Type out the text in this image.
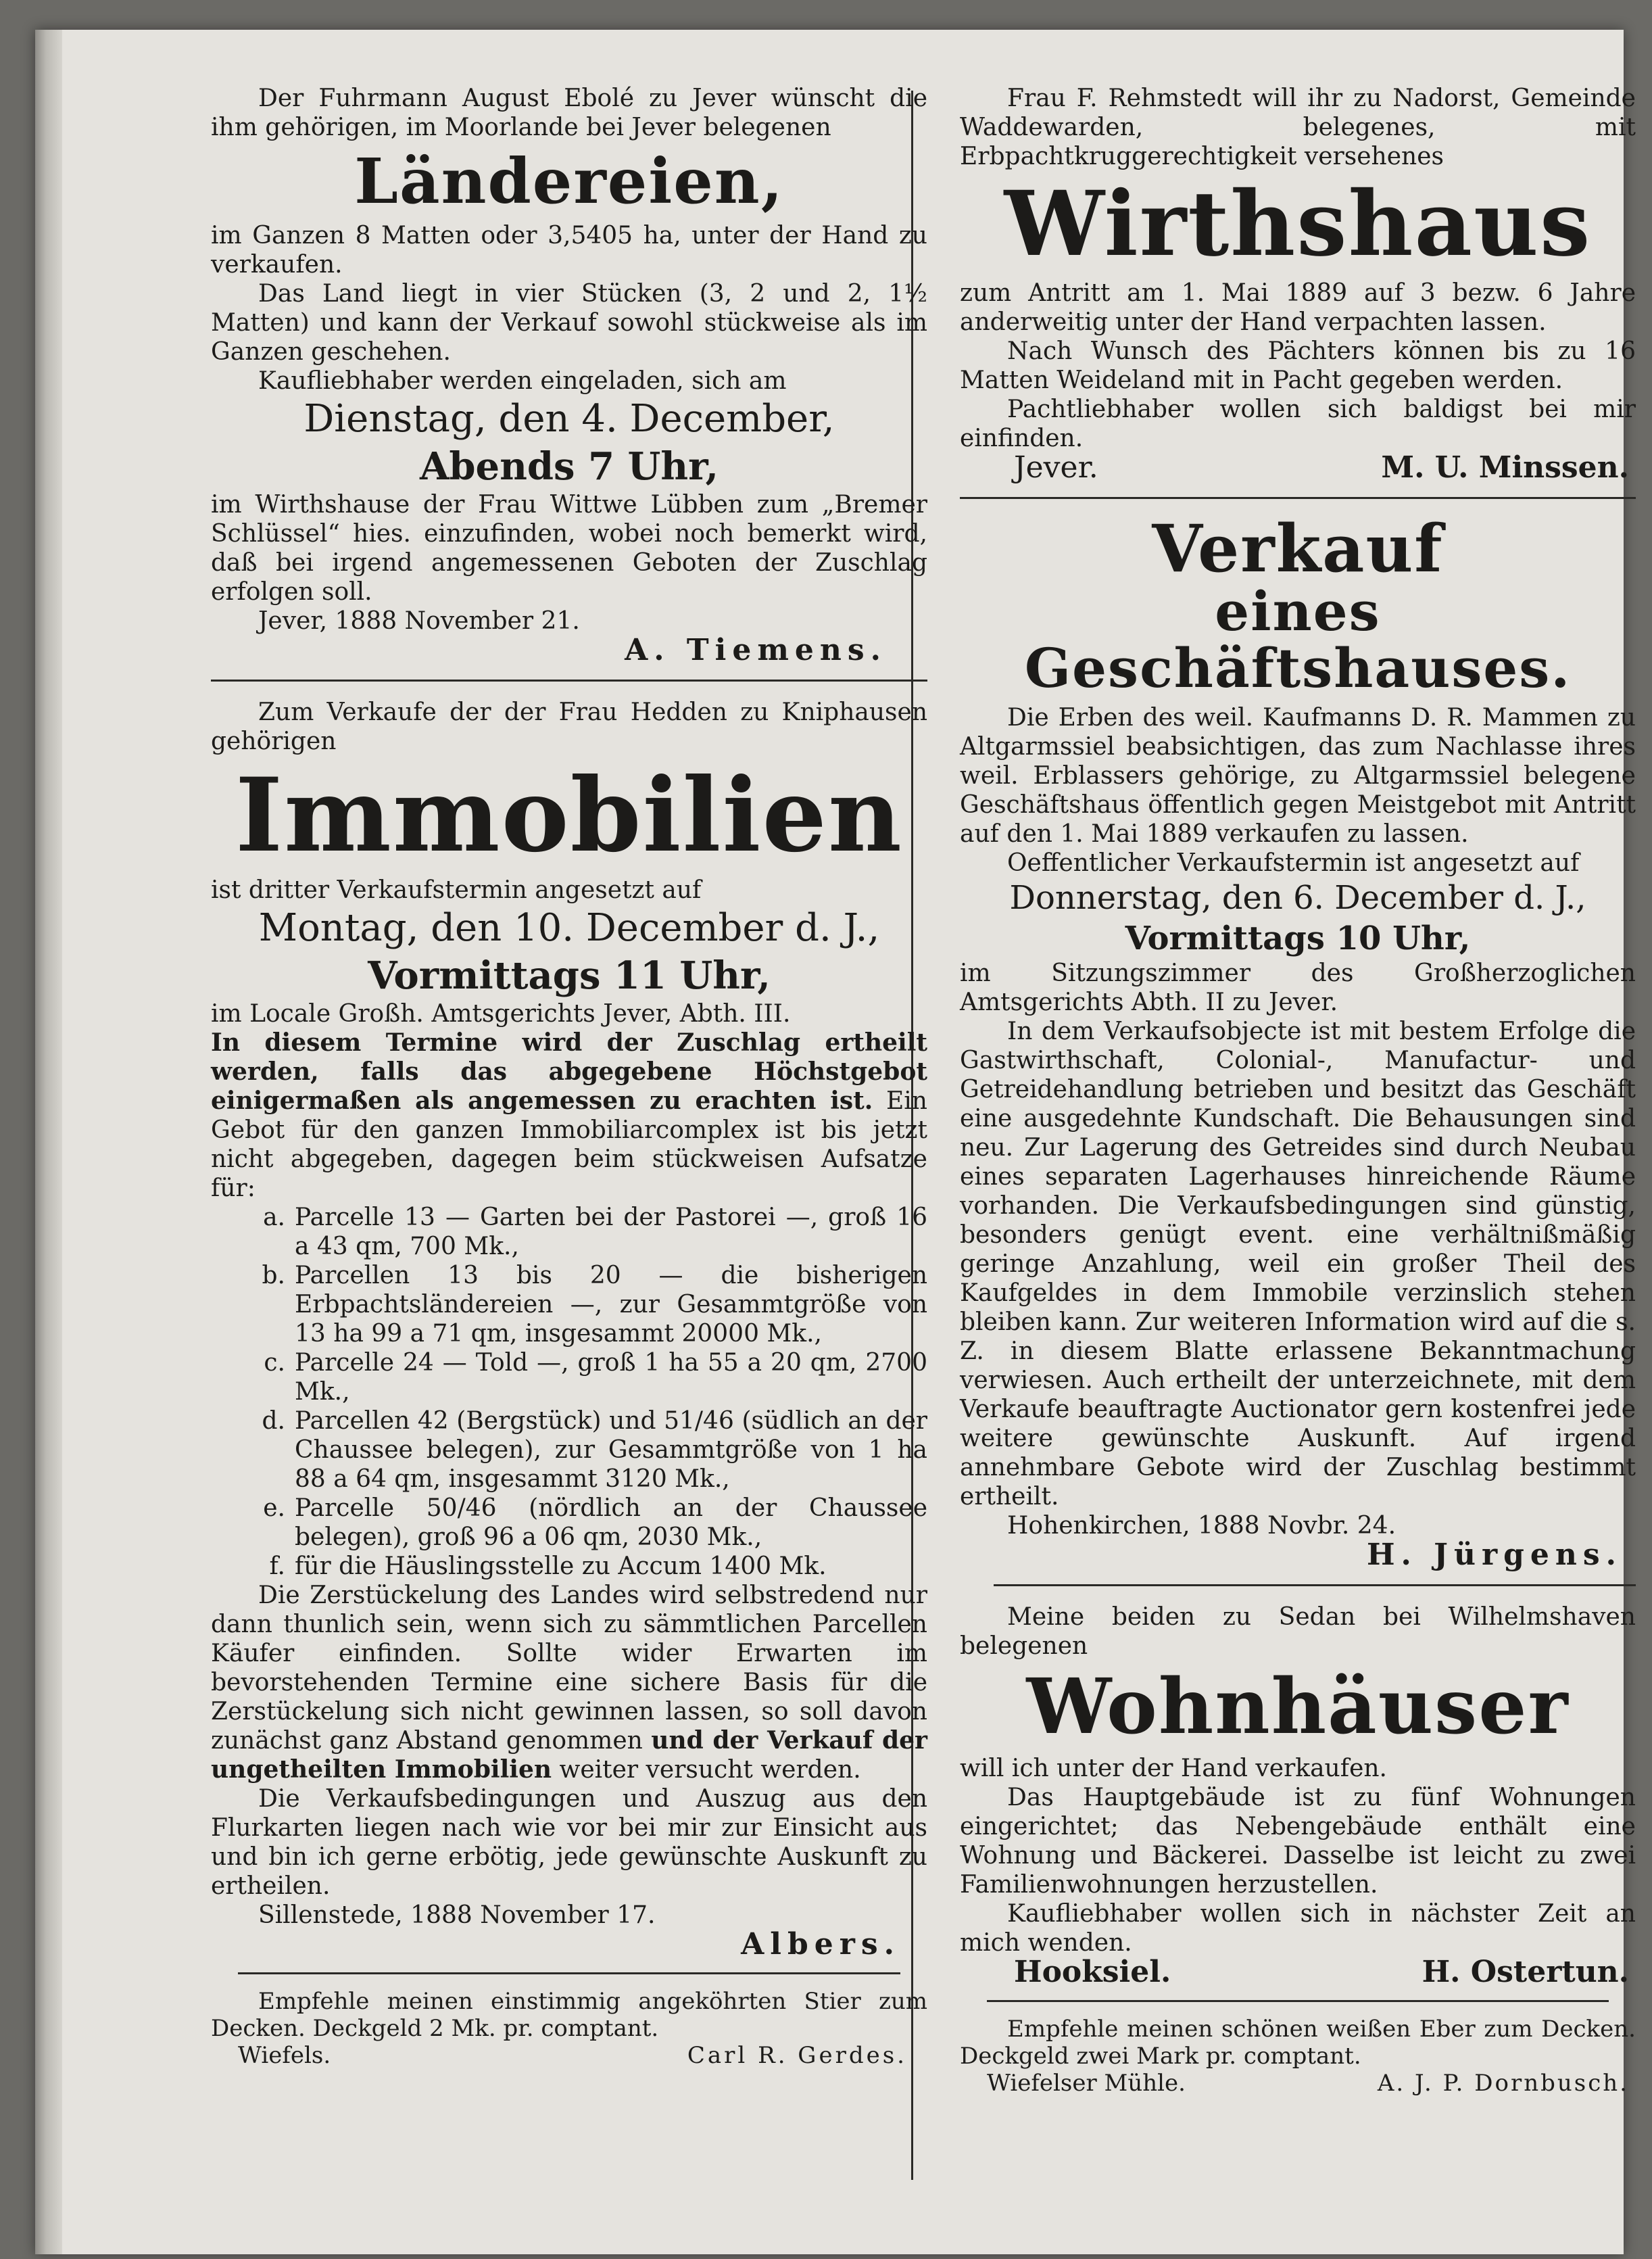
Der Fuhrmann August Ebolé zu Jever wünscht die ihm gehörigen, im Moorlande bei Jever belegenen

Ländereien,

im Ganzen 8 Matten oder 3,5405 ha, unter der Hand zu verkaufen.

Das Land liegt in vier Stücken (3, 2 und 2, 1½ Matten) und kann der Verkauf sowohl stückweise als im Ganzen geschehen.

Kaufliebhaber werden eingeladen, sich am

Dienstag, den 4. December,
Abends 7 Uhr,

im Wirthshause der Frau Wittwe Lübben zum „Bremer Schlüssel“ hies. einzufinden, wobei noch bemerkt wird, daß bei irgend angemessenen Geboten der Zuschlag erfolgen soll.

Jever, 1888 November 21.

A. Tiemens.

Zum Verkaufe der der Frau Hedden zu Kniphausen gehörigen

Immobilien

ist dritter Verkaufstermin angesetzt auf

Montag, den 10. December d. J.,
Vormittags 11 Uhr,

im Locale Großh. Amtsgerichts Jever, Abth. III.

In diesem Termine wird der Zuschlag ertheilt werden, falls das abgegebene Höchstgebot einigermaßen als angemessen zu erachten ist. Ein Gebot für den ganzen Immobiliarcomplex ist bis jetzt nicht abgegeben, dagegen beim stückweisen Aufsatze für:

a. Parcelle 13 — Garten bei der Pastorei —, groß 16 a 43 qm, 700 Mk.,
b. Parcellen 13 bis 20 — die bisherigen Erbpachtsländereien —, zur Gesammtgröße von 13 ha 99 a 71 qm, insgesammt 20000 Mk.,
c. Parcelle 24 — Told —, groß 1 ha 55 a 20 qm, 2700 Mk.,
d. Parcellen 42 (Bergstück) und 51/46 (südlich an der Chaussee belegen), zur Gesammtgröße von 1 ha 88 a 64 qm, insgesammt 3120 Mk.,
e. Parcelle 50/46 (nördlich an der Chaussee belegen), groß 96 a 06 qm, 2030 Mk.,
f. für die Häuslingsstelle zu Accum 1400 Mk.

Die Zerstückelung des Landes wird selbstredend nur dann thunlich sein, wenn sich zu sämmtlichen Parcellen Käufer einfinden. Sollte wider Erwarten im bevorstehenden Termine eine sichere Basis für die Zerstückelung sich nicht gewinnen lassen, so soll davon zunächst ganz Abstand genommen und der Verkauf der ungetheilten Immobilien weiter versucht werden.

Die Verkaufsbedingungen und Auszug aus den Flurkarten liegen nach wie vor bei mir zur Einsicht aus und bin ich gerne erbötig, jede gewünschte Auskunft zu ertheilen.

Sillenstede, 1888 November 17.

Albers.

Empfehle meinen einstimmig angeköhrten Stier zum Decken. Deckgeld 2 Mk. pr. comptant.

Wiefels.	Carl R. Gerdes.

Frau F. Rehmstedt will ihr zu Nadorst, Gemeinde Waddewarden, belegenes, mit Erbpachtkruggerechtigkeit versehenes

Wirthshaus

zum Antritt am 1. Mai 1889 auf 3 bezw. 6 Jahre anderweitig unter der Hand verpachten lassen.

Nach Wunsch des Pächters können bis zu 16 Matten Weideland mit in Pacht gegeben werden.

Pachtliebhaber wollen sich baldigst bei mir einfinden.

Jever.	M. U. Minssen.

Verkauf
eines Geschäftshauses.

Die Erben des weil. Kaufmanns D. R. Mammen zu Altgarmssiel beabsichtigen, das zum Nachlasse ihres weil. Erblassers gehörige, zu Altgarmssiel belegene Geschäftshaus öffentlich gegen Meistgebot mit Antritt auf den 1. Mai 1889 verkaufen zu lassen.

Oeffentlicher Verkaufstermin ist angesetzt auf

Donnerstag, den 6. December d. J.,
Vormittags 10 Uhr,

im Sitzungszimmer des Großherzoglichen Amtsgerichts Abth. II zu Jever.

In dem Verkaufsobjecte ist mit bestem Erfolge die Gastwirthschaft, Colonial-, Manufactur- und Getreidehandlung betrieben und besitzt das Geschäft eine ausgedehnte Kundschaft. Die Behausungen sind neu. Zur Lagerung des Getreides sind durch Neubau eines separaten Lagerhauses hinreichende Räume vorhanden. Die Verkaufsbedingungen sind günstig, besonders genügt event. eine verhältnißmäßig geringe Anzahlung, weil ein großer Theil des Kaufgeldes in dem Immobile verzinslich stehen bleiben kann. Zur weiteren Information wird auf die s. Z. in diesem Blatte erlassene Bekanntmachung verwiesen. Auch ertheilt der unterzeichnete, mit dem Verkaufe beauftragte Auctionator gern kostenfrei jede weitere gewünschte Auskunft. Auf irgend annehmbare Gebote wird der Zuschlag bestimmt ertheilt.

Hohenkirchen, 1888 Novbr. 24.

H. Jürgens.

Meine beiden zu Sedan bei Wilhelmshaven belegenen

Wohnhäuser

will ich unter der Hand verkaufen.

Das Hauptgebäude ist zu fünf Wohnungen eingerichtet; das Nebengebäude enthält eine Wohnung und Bäckerei. Dasselbe ist leicht zu zwei Familienwohnungen herzustellen.

Kaufliebhaber wollen sich in nächster Zeit an mich wenden.

Hooksiel.	H. Ostertun.

Empfehle meinen schönen weißen Eber zum Decken. Deckgeld zwei Mark pr. comptant.

Wiefelser Mühle.	A. J. P. Dornbusch.
